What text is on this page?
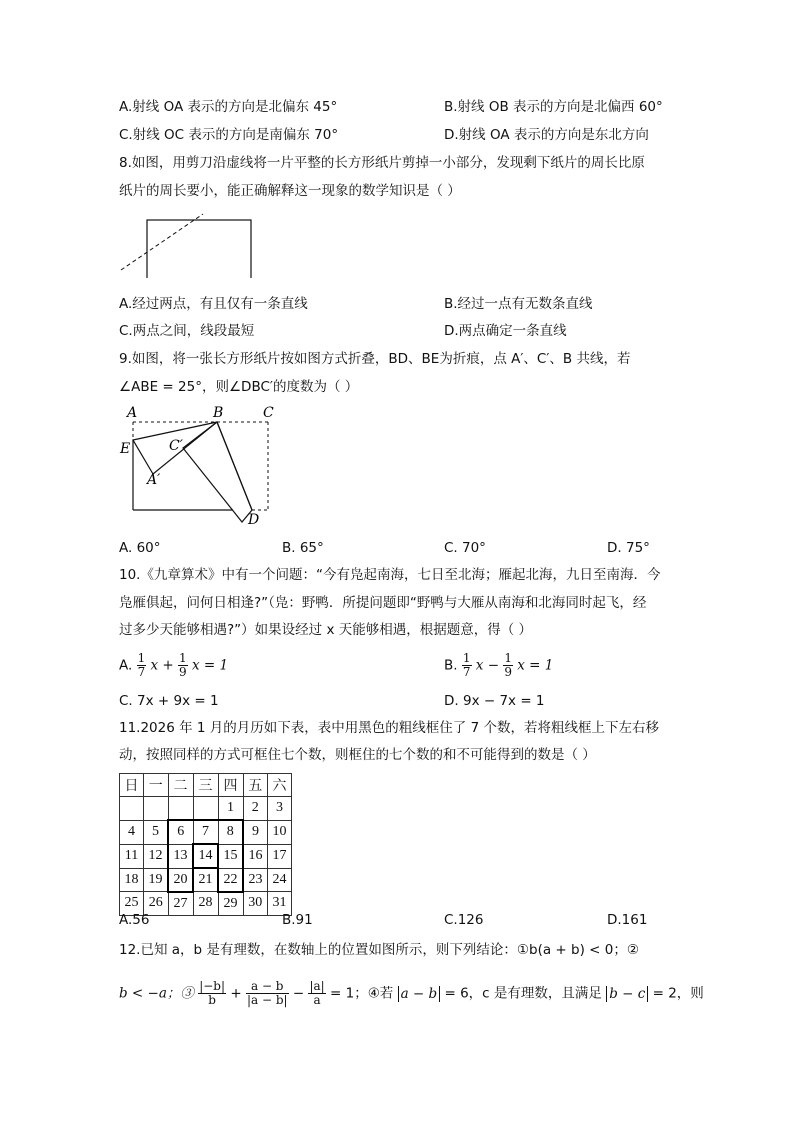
A.射线 OA 表示的方向是北偏东 45°	B.射线 OB 表示的方向是北偏西 60°
C.射线 OC 表示的方向是南偏东 70°	D.射线 OA 表示的方向是东北方向
8.如图，用剪刀沿虚线将一片平整的长方形纸片剪掉一小部分，发现剩下纸片的周长比原
纸片的周长要小，能正确解释这一现象的数学知识是（ ）
A.经过两点，有且仅有一条直线	B.经过一点有无数条直线
C.两点之间，线段最短	D.两点确定一条直线
9.如图，将一张长方形纸片按如图方式折叠，BD、BE为折痕，点 A′、C′、B 共线，若
∠ABE = 25°，则∠DBC′的度数为（ ）
A	B	C
E	C′
A′
D
A. 60°	B. 65°	C. 70°	D. 75°
10.《九章算术》中有一个问题：“今有凫起南海，七日至北海；雁起北海，九日至南海．今
凫雁俱起，问何日相逢?”（凫：野鸭．所提问题即“野鸭与大雁从南海和北海同时起飞，经
过多少天能够相遇?”）如果设经过 x 天能够相遇，根据题意，得（ ）
A. $\frac{1}{7}$ $x + \frac{1}{9}$ x = 1	B. $\frac{1}{7}$ $x - \frac{1}{9}$ x = 1
C. 7x + 9x = 1	D. 9x − 7x = 1
11.2026 年 1 月的月历如下表，表中用黑色的粗线框住了 7 个数，若将粗线框上下左右移
动，按照同样的方式可框住七个数，则框住的七个数的和不可能得到的数是（ ）
日	一	二	三	四	五	六
				1	2	3
4	5	6	7	8	9	10
11	12	13	14	15	16	17
18	19	20	21	22	23	24
25	26	27	28	29	30	31
A.56	B.91	C.126	D.161
12.已知 a，b 是有理数，在数轴上的位置如图所示，则下列结论：①b(a + b) < 0；②
b < −a；③ $\frac{|-b|}{b} + \frac{a - b}{|a - b|} - \frac{|a|}{a} = 1$；④若 a − b = 6，c 是有理数，且满足 b − c = 2，则
